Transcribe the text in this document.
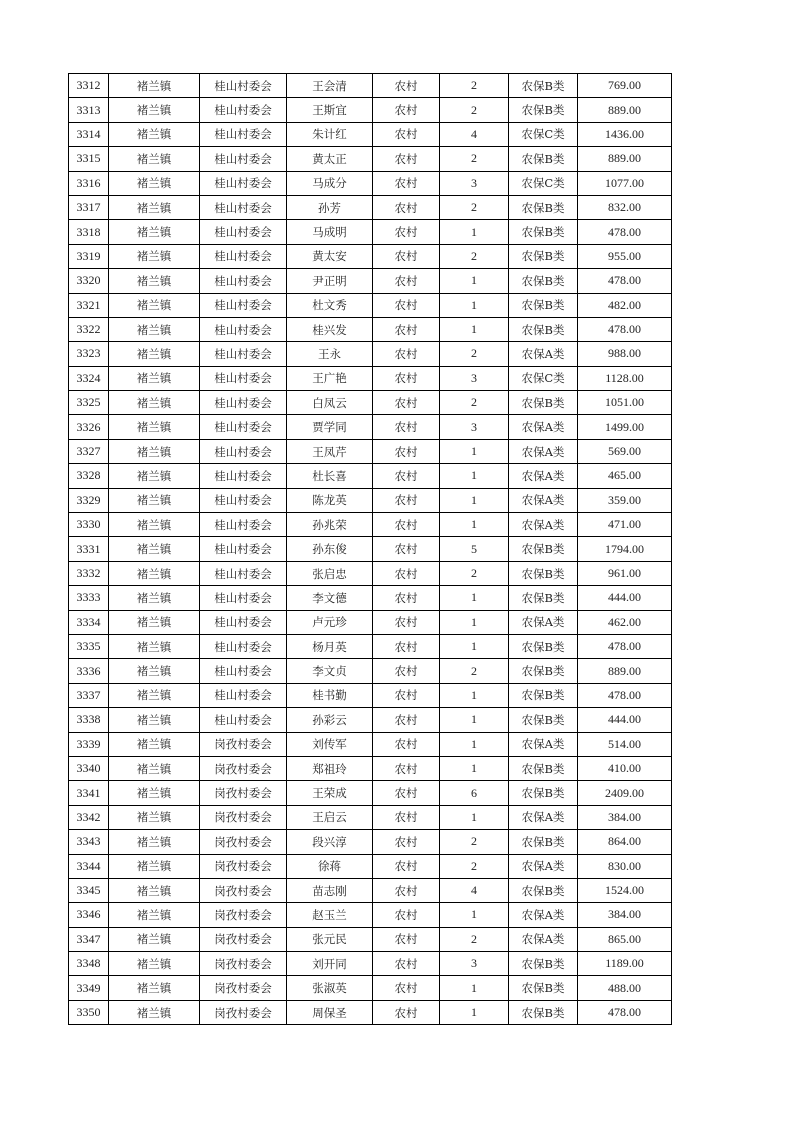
3312	褚兰镇	桂山村委会	王会清	农村	2	农保B类	769.00
3313	褚兰镇	桂山村委会	王斯宜	农村	2	农保B类	889.00
3314	褚兰镇	桂山村委会	朱计红	农村	4	农保C类	1436.00
3315	褚兰镇	桂山村委会	黄太正	农村	2	农保B类	889.00
3316	褚兰镇	桂山村委会	马成分	农村	3	农保C类	1077.00
3317	褚兰镇	桂山村委会	孙芳	农村	2	农保B类	832.00
3318	褚兰镇	桂山村委会	马成明	农村	1	农保B类	478.00
3319	褚兰镇	桂山村委会	黄太安	农村	2	农保B类	955.00
3320	褚兰镇	桂山村委会	尹正明	农村	1	农保B类	478.00
3321	褚兰镇	桂山村委会	杜文秀	农村	1	农保B类	482.00
3322	褚兰镇	桂山村委会	桂兴发	农村	1	农保B类	478.00
3323	褚兰镇	桂山村委会	王永	农村	2	农保A类	988.00
3324	褚兰镇	桂山村委会	王广艳	农村	3	农保C类	1128.00
3325	褚兰镇	桂山村委会	白凤云	农村	2	农保B类	1051.00
3326	褚兰镇	桂山村委会	贾学同	农村	3	农保A类	1499.00
3327	褚兰镇	桂山村委会	王凤芹	农村	1	农保A类	569.00
3328	褚兰镇	桂山村委会	杜长喜	农村	1	农保A类	465.00
3329	褚兰镇	桂山村委会	陈龙英	农村	1	农保A类	359.00
3330	褚兰镇	桂山村委会	孙兆荣	农村	1	农保A类	471.00
3331	褚兰镇	桂山村委会	孙东俊	农村	5	农保B类	1794.00
3332	褚兰镇	桂山村委会	张启忠	农村	2	农保B类	961.00
3333	褚兰镇	桂山村委会	李文德	农村	1	农保B类	444.00
3334	褚兰镇	桂山村委会	卢元珍	农村	1	农保A类	462.00
3335	褚兰镇	桂山村委会	杨月英	农村	1	农保B类	478.00
3336	褚兰镇	桂山村委会	李文贞	农村	2	农保B类	889.00
3337	褚兰镇	桂山村委会	桂书勤	农村	1	农保B类	478.00
3338	褚兰镇	桂山村委会	孙彩云	农村	1	农保B类	444.00
3339	褚兰镇	岗孜村委会	刘传军	农村	1	农保A类	514.00
3340	褚兰镇	岗孜村委会	郑祖玲	农村	1	农保B类	410.00
3341	褚兰镇	岗孜村委会	王荣成	农村	6	农保B类	2409.00
3342	褚兰镇	岗孜村委会	王启云	农村	1	农保A类	384.00
3343	褚兰镇	岗孜村委会	段兴淳	农村	2	农保B类	864.00
3344	褚兰镇	岗孜村委会	徐蒋	农村	2	农保A类	830.00
3345	褚兰镇	岗孜村委会	苗志刚	农村	4	农保B类	1524.00
3346	褚兰镇	岗孜村委会	赵玉兰	农村	1	农保A类	384.00
3347	褚兰镇	岗孜村委会	张元民	农村	2	农保A类	865.00
3348	褚兰镇	岗孜村委会	刘开同	农村	3	农保B类	1189.00
3349	褚兰镇	岗孜村委会	张淑英	农村	1	农保B类	488.00
3350	褚兰镇	岗孜村委会	周保圣	农村	1	农保B类	478.00
